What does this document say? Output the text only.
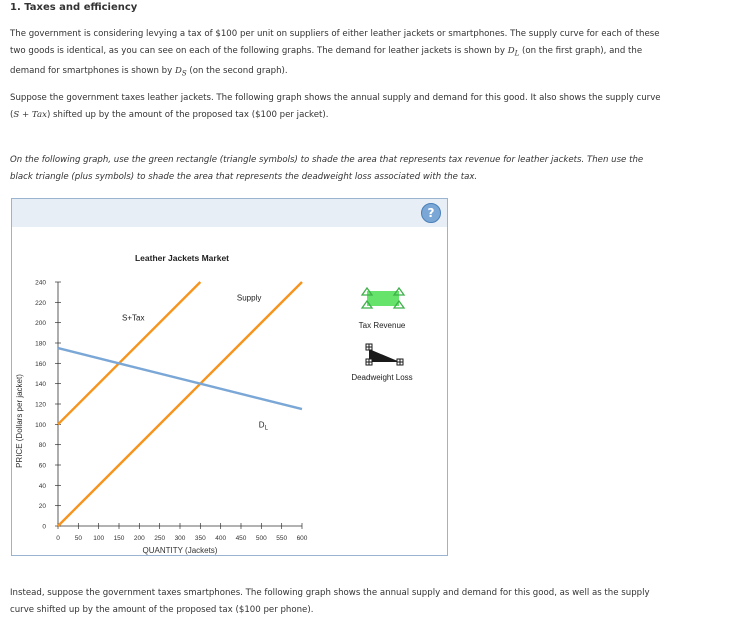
1. Taxes and efficiency
The government is considering levying a tax of $100 per unit on suppliers of either leather jackets or smartphones. The supply curve for each of these
two goods is identical, as you can see on each of the following graphs. The demand for leather jackets is shown by $D_L$ (on the first graph), and the
demand for smartphones is shown by $D_S$ (on the second graph).
Suppose the government taxes leather jackets. The following graph shows the annual supply and demand for this good. It also shows the supply curve
(S + Tax) shifted up by the amount of the proposed tax ($100 per jacket).
On the following graph, use the green rectangle (triangle symbols) to shade the area that represents tax revenue for leather jackets. Then use the
black triangle (plus symbols) to shade the area that represents the deadweight loss associated with the tax.
?
Leather Jackets Market
PRICE (Dollars per jacket)
QUANTITY (Jackets)
0 50 100 150 200 250 300 350 400 450 500 550 600
0
20
40
60
80
100
120
140
160
180
200
220
240
Supply
S+Tax
$D_L$
Tax Revenue
Deadweight Loss
Instead, suppose the government taxes smartphones. The following graph shows the annual supply and demand for this good, as well as the supply
curve shifted up by the amount of the proposed tax ($100 per phone).
